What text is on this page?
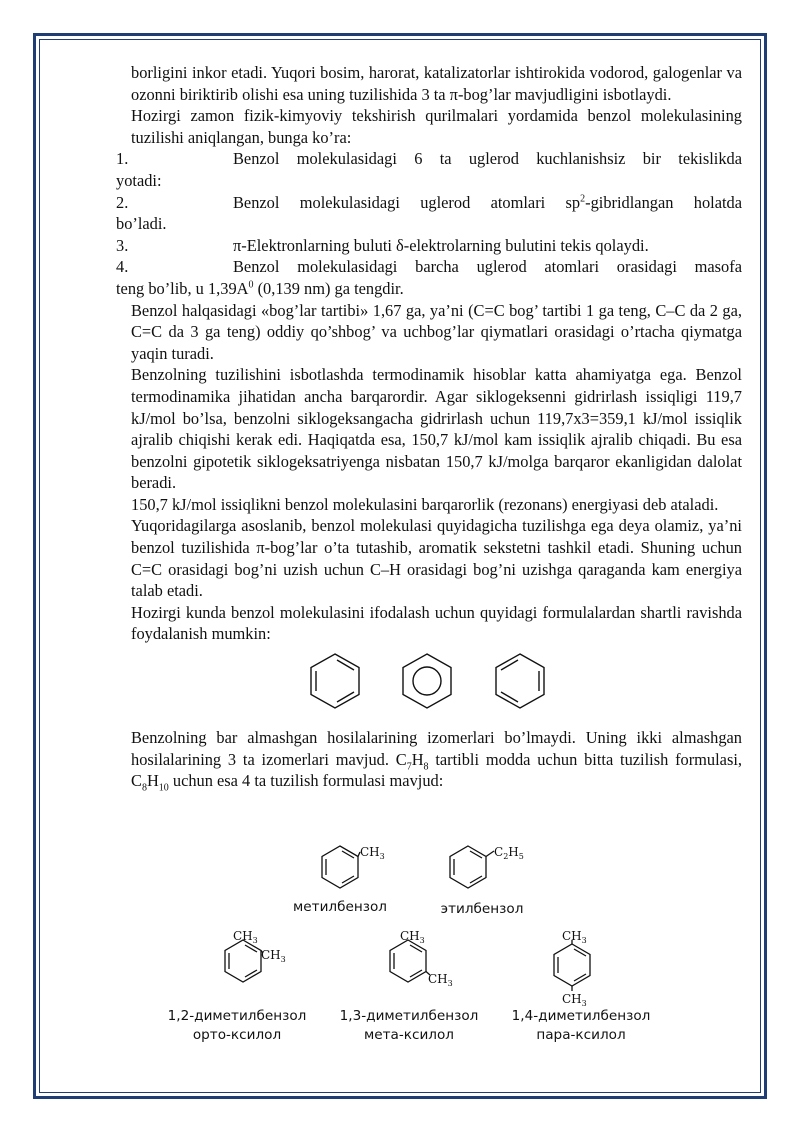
borligini inkor etadi. Yuqori bosim, harorat, katalizatorlar ishtirokida vodorod, galogenlar va ozonni biriktirib olishi esa uning tuzilishida 3 ta π-bog’lar mavjudligini isbotlaydi.

Hozirgi zamon fizik-kimyoviy tekshirish qurilmalari yordamida benzol molekulasining tuzilishi aniqlangan, bunga ko’ra:

1.	Benzol molekulasidagi 6 ta uglerod kuchlanishsiz bir tekislikda
yotadi:
2.	Benzol molekulasidagi uglerod atomlari $sp^2$-gibridlangan holatda
bo’ladi.
3.	π-Elektronlarning buluti δ-elektrolarning bulutini tekis qolaydi.
4.	Benzol molekulasidagi barcha uglerod atomlari orasidagi masofa
teng bo’lib, u $1,39A^0$ (0,139 nm) ga tengdir.

Benzol halqasidagi «bog’lar tartibi» 1,67 ga, ya’ni (C=C bog’ tartibi 1 ga teng, C–C da 2 ga, C=C da 3 ga teng) oddiy qo’shbog’ va uchbog’lar qiymatlari orasidagi o’rtacha qiymatga yaqin turadi.

Benzolning tuzilishini isbotlashda termodinamik hisoblar katta ahamiyatga ega. Benzol termodinamika jihatidan ancha barqarordir. Agar siklogeksenni gidrirlash issiqligi 119,7 kJ/mol bo’lsa, benzolni siklogeksangacha gidrirlash uchun 119,7x3=359,1 kJ/mol issiqlik ajralib chiqishi kerak edi. Haqiqatda esa, 150,7 kJ/mol kam issiqlik ajralib chiqadi. Bu esa benzolni gipotetik siklogeksatriyenga nisbatan 150,7 kJ/molga barqaror ekanligidan dalolat beradi.

150,7 kJ/mol issiqlikni benzol molekulasini barqarorlik (rezonans) energiyasi deb ataladi.

Yuqoridagilarga asoslanib, benzol molekulasi quyidagicha tuzilishga ega deya olamiz, ya’ni benzol tuzilishida π-bog’lar o’ta tutashib, aromatik sekstetni tashkil etadi. Shuning uchun C=C orasidagi bog’ni uzish uchun C–H orasidagi bog’ni uzishga qaraganda kam energiya talab etadi.

Hozirgi kunda benzol molekulasini ifodalash uchun quyidagi formulalardan shartli ravishda foydalanish mumkin:

Benzolning bar almashgan hosilalarining izomerlari bo’lmaydi. Uning ikki almashgan hosilalarining 3 ta izomerlari mavjud. $C_7H_8$ tartibli modda uchun bitta tuzilish formulasi, $C_8H_{10}$ uchun esa 4 ta tuzilish formulasi mavjud:

$CH_3$	$C_2H_5$
метилбензол	этилбензол
$CH_3$
$CH_3$
$CH_3$
$CH_3$
$CH_3$
$CH_3$
1,2-диметилбензол
орто-ксилол
1,3-диметилбензол
мета-ксилол
1,4-диметилбензол
пара-ксилол
